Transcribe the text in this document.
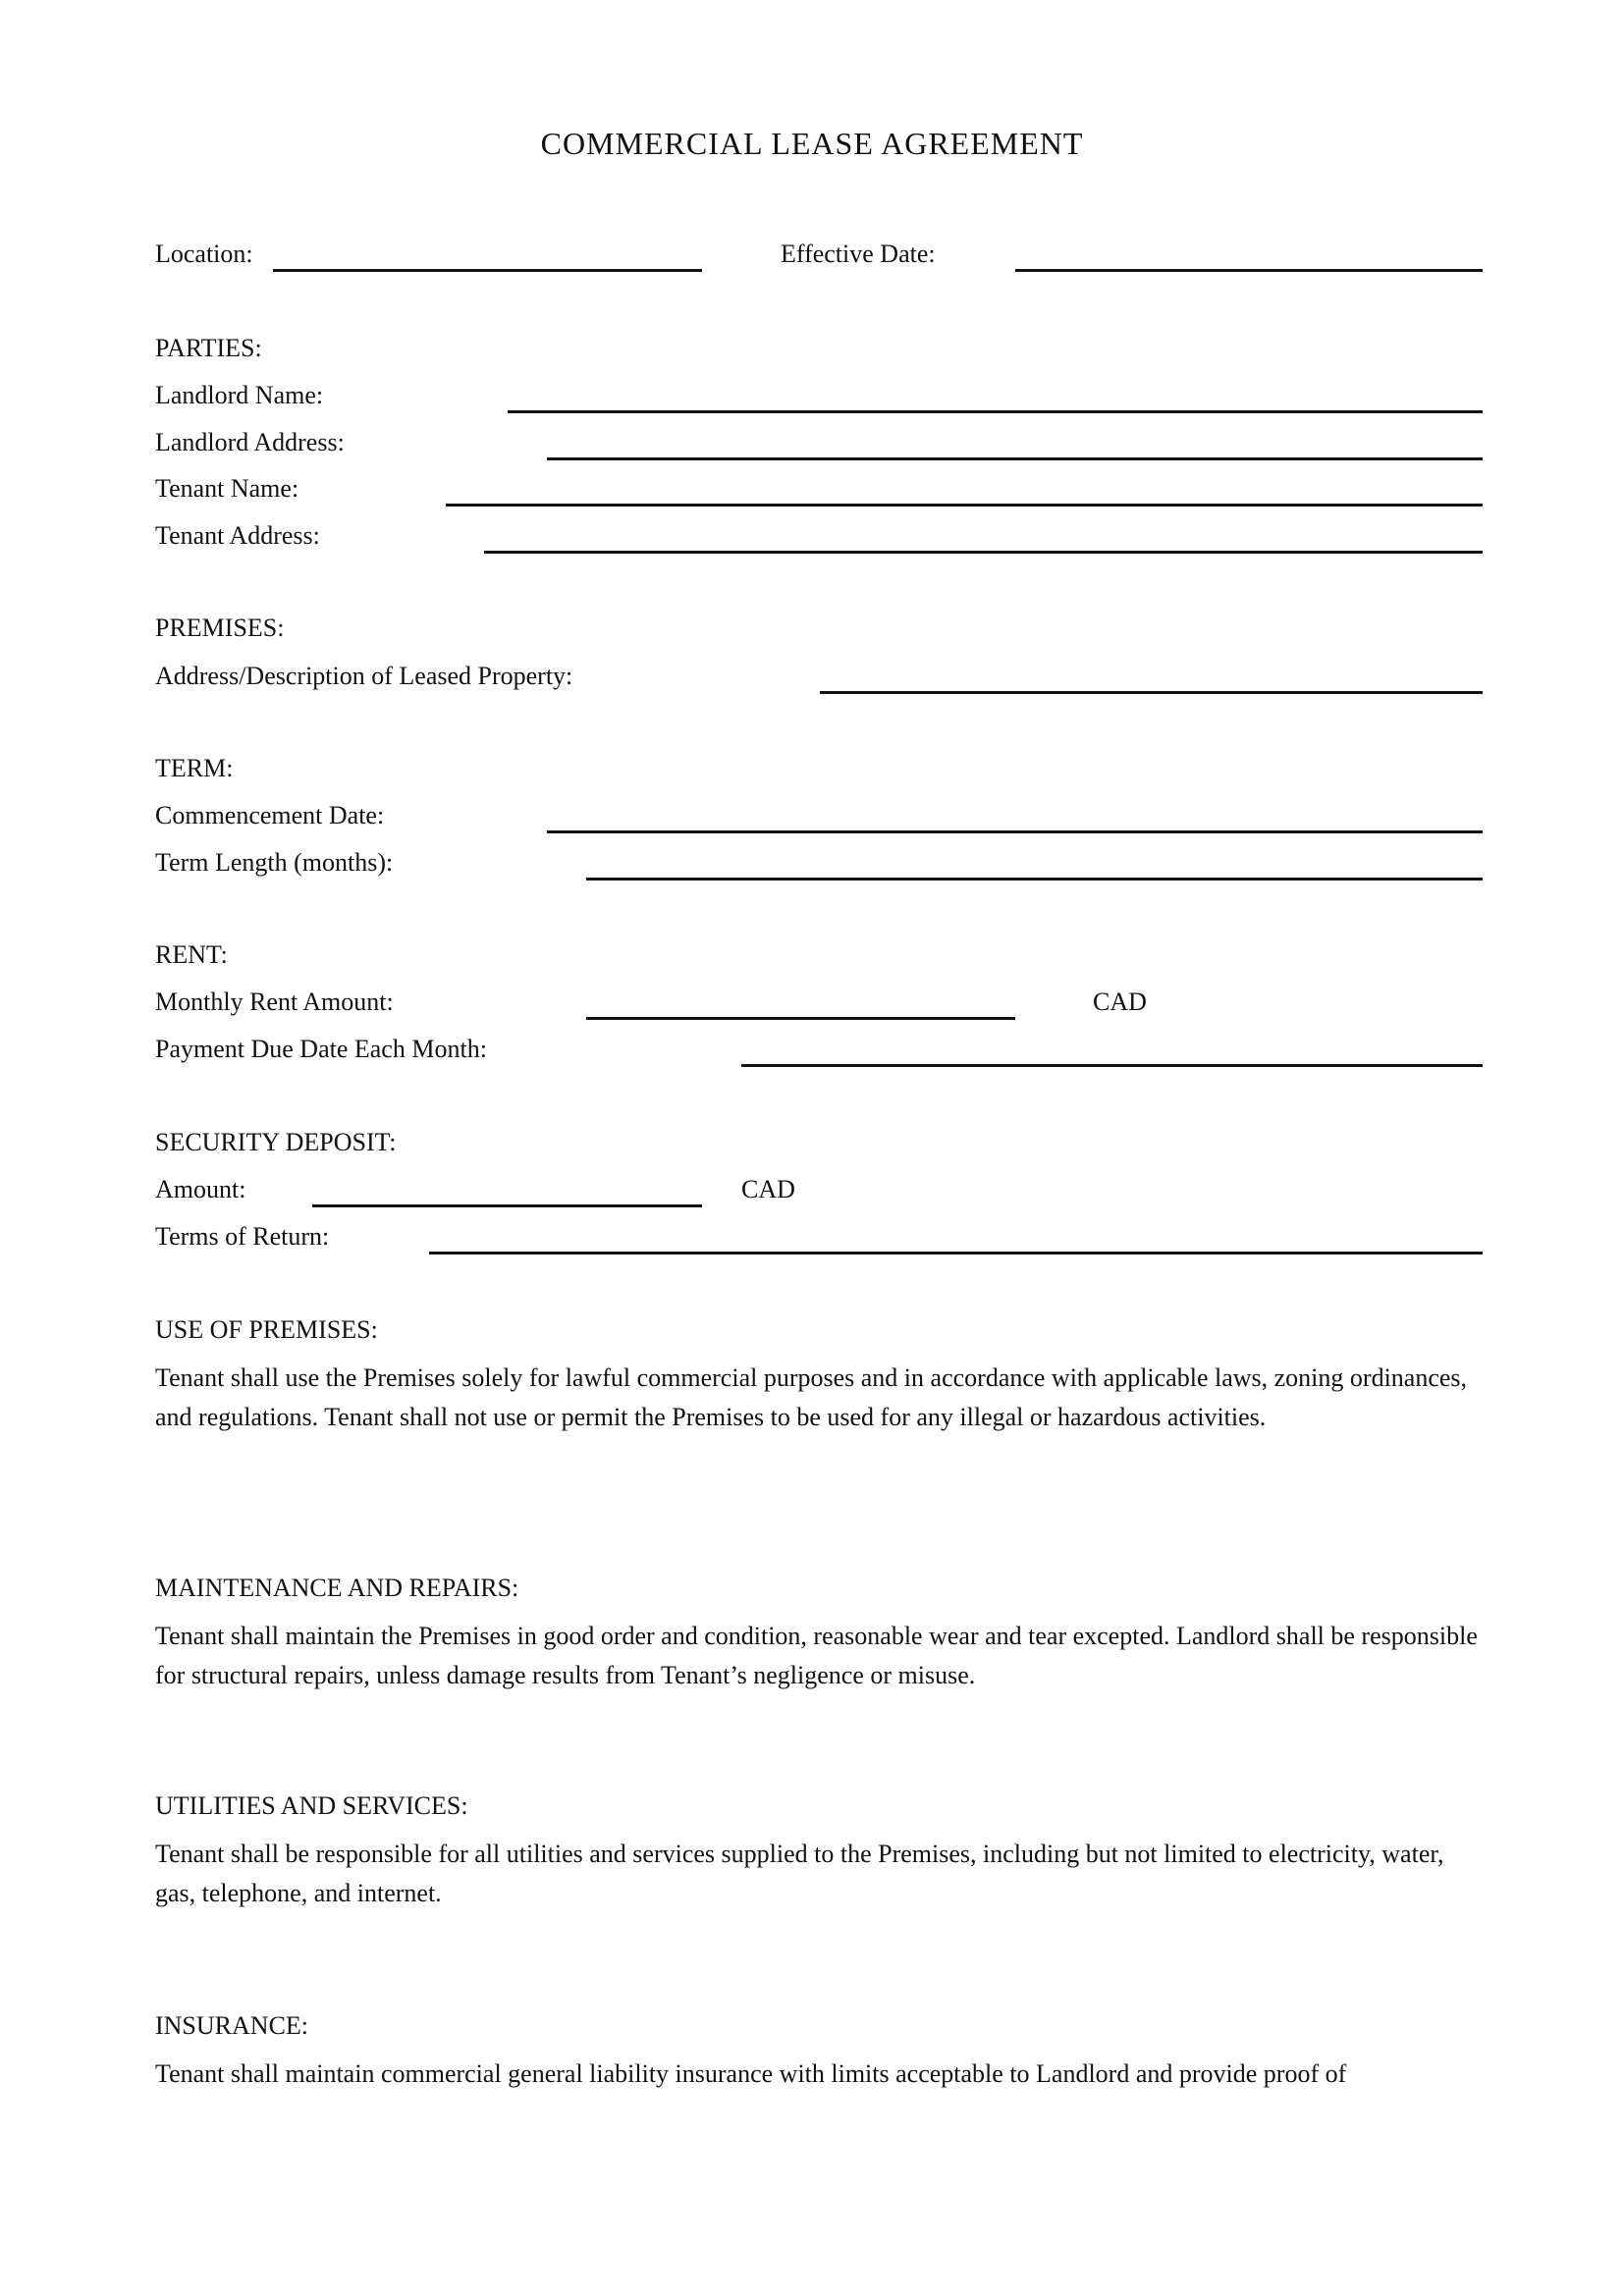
COMMERCIAL LEASE AGREEMENT
Location:	Effective Date:
PARTIES:
Landlord Name:
Landlord Address:
Tenant Name:
Tenant Address:
PREMISES:
Address/Description of Leased Property:
TERM:
Commencement Date:
Term Length (months):
RENT:
Monthly Rent Amount:	CAD
Payment Due Date Each Month:
SECURITY DEPOSIT:
Amount:	CAD
Terms of Return:
USE OF PREMISES:
Tenant shall use the Premises solely for lawful commercial purposes and in accordance with applicable laws, zoning ordinances, and regulations. Tenant shall not use or permit the Premises to be used for any illegal or hazardous activities.
MAINTENANCE AND REPAIRS:
Tenant shall maintain the Premises in good order and condition, reasonable wear and tear excepted. Landlord shall be responsible for structural repairs, unless damage results from Tenant’s negligence or misuse.
UTILITIES AND SERVICES:
Tenant shall be responsible for all utilities and services supplied to the Premises, including but not limited to electricity, water, gas, telephone, and internet.
INSURANCE:
Tenant shall maintain commercial general liability insurance with limits acceptable to Landlord and provide proof of
